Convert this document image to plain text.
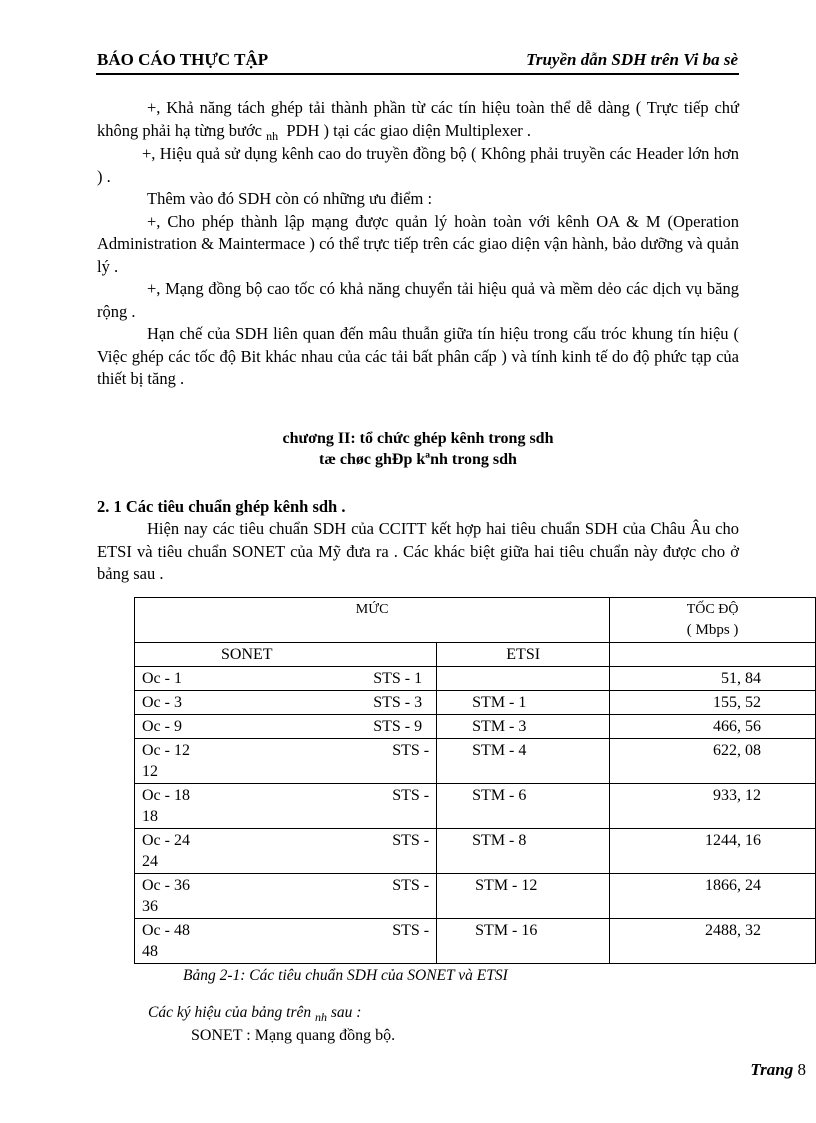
BÁO CÁO THỰC TẬP	Truyền dẫn SDH trên Vi ba sè

+, Khả năng tách ghép tải thành phần từ các tín hiệu toàn thể dễ dàng ( Trực tiếp chứ không phải hạ từng bước $_{nh}$ PDH ) tại các giao diện Multiplexer .

+, Hiệu quả sử dụng kênh cao do truyền đồng bộ ( Không phải truyền các Header lớn hơn ) .

Thêm vào đó SDH còn có những ưu điểm :

+, Cho phép thành lập mạng được quản lý hoàn toàn với kênh OA & M (Operation Administration & Maintermace ) có thể trực tiếp trên các giao diện vận hành, bảo dưỡng và quản lý .

+, Mạng đồng bộ cao tốc có khả năng chuyển tải hiệu quả và mềm dẻo các dịch vụ băng rộng .

Hạn chế của SDH liên quan đến mâu thuẫn giữa tín hiệu trong cấu tróc khung tín hiệu ( Việc ghép các tốc độ Bit khác nhau của các tải bất phân cấp ) và tính kinh tế do độ phức tạp của thiết bị tăng .

chương II: tổ chức ghép kênh trong sdh
tæ chøc ghÐp kªnh trong sdh
2. 1 Các tiêu chuẩn ghép kênh sdh .

Hiện nay các tiêu chuẩn SDH của CCITT kết hợp hai tiêu chuẩn SDH của Châu Âu cho ETSI và tiêu chuẩn SONET của Mỹ đưa ra . Các khác biệt giữa hai tiêu chuẩn này được cho ở bảng sau .

MỨC		TỐC ĐỘ
( Mbps )
SONET	ETSI	

Oc - 1 STS - 1		51, 84

Oc - 3 STS - 3	STM - 1	155, 52

Oc - 9 STS - 9	STM - 3	466, 56

Oc - 12 STS -
12	STM - 4	622, 08

Oc - 18 STS -
18	STM - 6	933, 12

Oc - 24 STS -
24	STM - 8	1244, 16

Oc - 36 STS -
36	STM - 12	1866, 24

Oc - 48 STS -
48	STM - 16	2488, 32
Bảng 2-1: Các tiêu chuẩn SDH của SONET và ETSI
Các ký hiệu của bảng trên $_{nh}$ sau :
SONET : Mạng quang đồng bộ.
Trang 8
